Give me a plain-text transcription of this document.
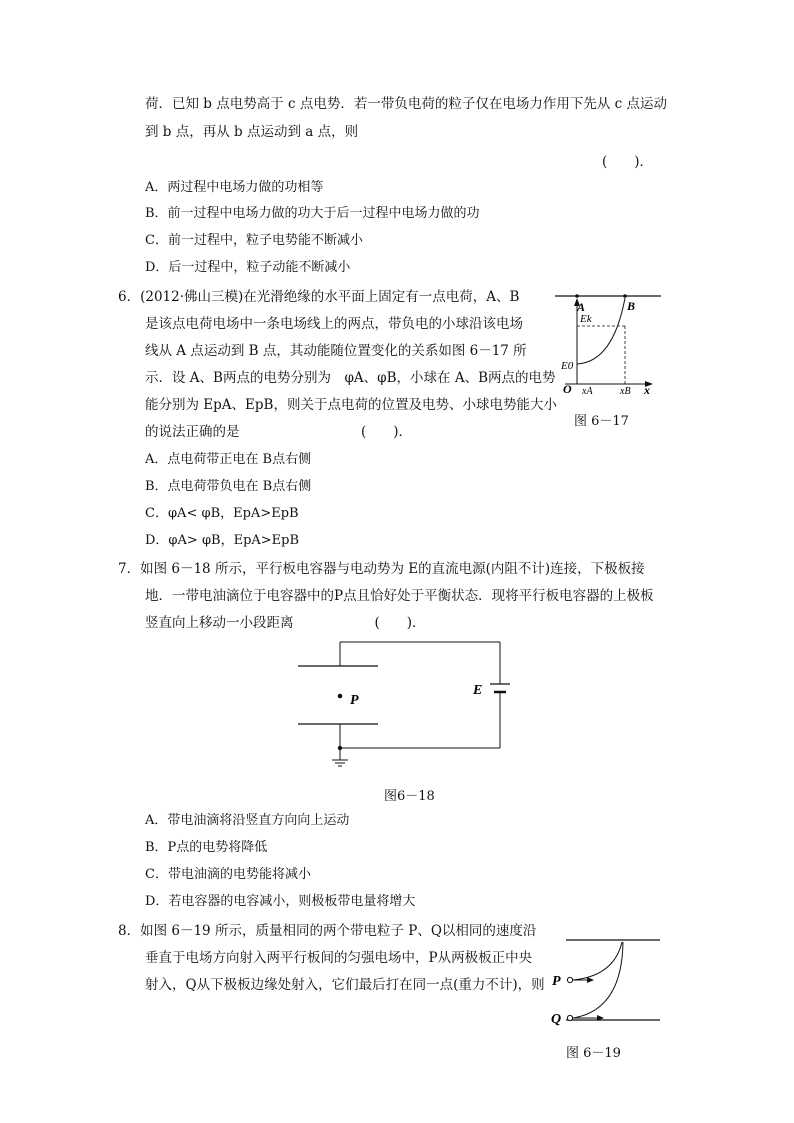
荷．已知 b 点电势高于 c 点电势．若一带负电荷的粒子仅在电场力作用下先从 c 点运动
到 b 点，再从 b 点运动到 a 点，则
(　　)．
A．两过程中电场力做的功相等
B．前一过程中电场力做的功大于后一过程中电场力做的功
C．前一过程中，粒子电势能不断减小
D．后一过程中，粒子动能不断减小
6．(2012·佛山三模)在光滑绝缘的水平面上固定有一点电荷，A、B
是该点电荷电场中一条电场线上的两点，带负电的小球沿该电场
线从 A 点运动到 B 点，其动能随位置变化的关系如图 6－17 所
示．设 A、B两点的电势分别为　φA、φB，小球在 A、B两点的电势
能分别为 EpA、EpB，则关于点电荷的位置及电势、小球电势能大小
的说法正确的是　　　　　　　　　(　　)．
A．点电荷带正电在 B点右侧
B．点电荷带负电在 B点右侧
C．φA< φB，EpA>EpB
D．φA> φB，EpA>EpB
A	B
Ek
E0
O xA	xB x
图 6－17
7．如图 6－18 所示，平行板电容器与电动势为 E的直流电源(内阻不计)连接，下极板接
地．一带电油滴位于电容器中的P点且恰好处于平衡状态．现将平行板电容器的上极板
竖直向上移动一小段距离　　　　　　(　　)．
P
E
图6－18
A．带电油滴将沿竖直方向向上运动
B．P点的电势将降低
C．带电油滴的电势能将减小
D．若电容器的电容减小，则极板带电量将增大
8．如图 6－19 所示，质量相同的两个带电粒子 P、Q以相同的速度沿
垂直于电场方向射入两平行板间的匀强电场中，P从两极板正中央
射入，Q从下极板边缘处射入，它们最后打在同一点(重力不计)，则 P
Q
图 6－19
